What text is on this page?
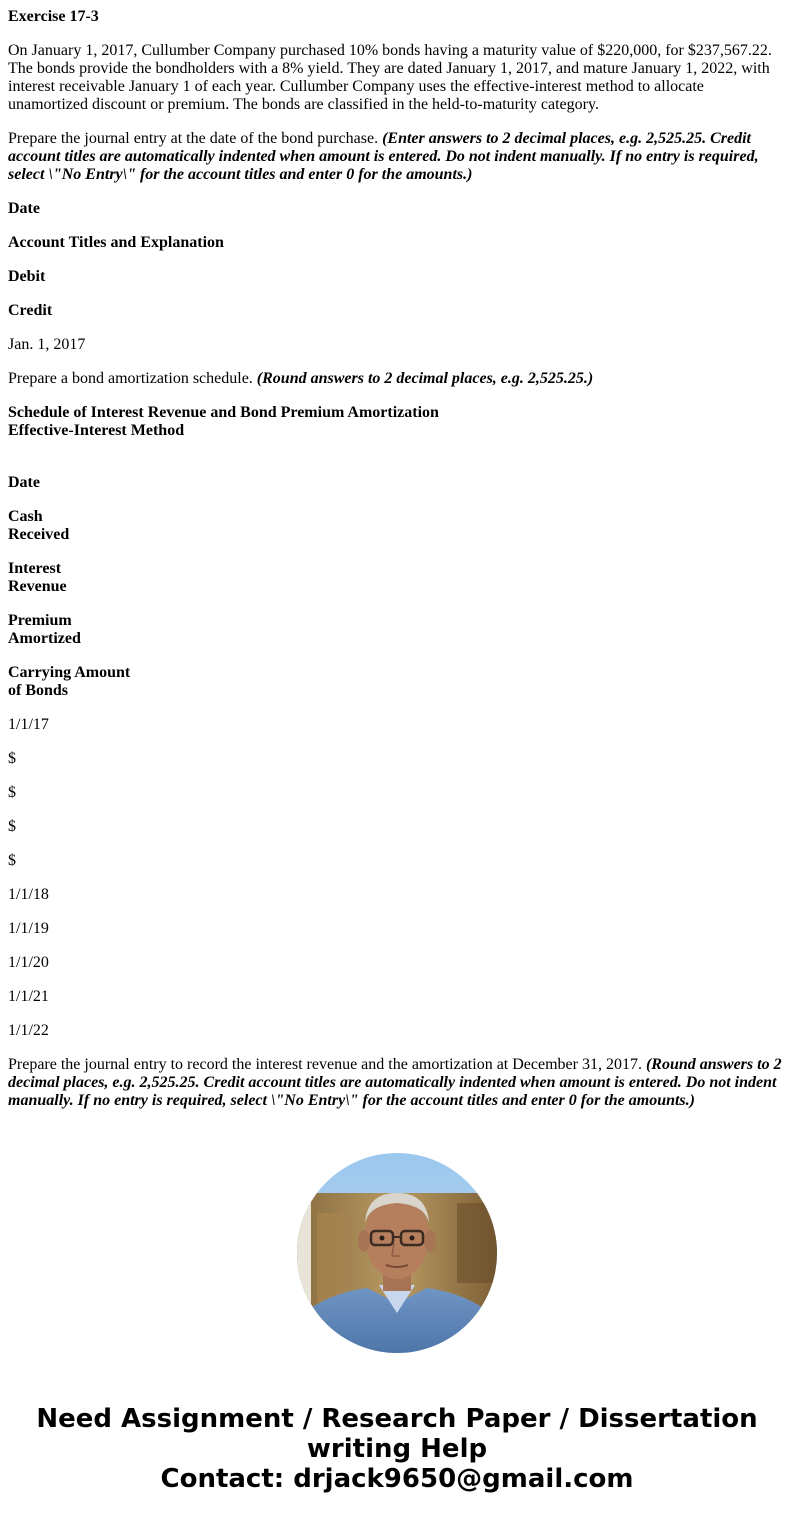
Exercise 17-3

On January 1, 2017, Cullumber Company purchased 10% bonds having a maturity value of $220,000, for $237,567.22. The bonds provide the bondholders with a 8% yield. They are dated January 1, 2017, and mature January 1, 2022, with interest receivable January 1 of each year. Cullumber Company uses the effective-interest method to allocate unamortized discount or premium. The bonds are classified in the held-to-maturity category.

Prepare the journal entry at the date of the bond purchase. (Enter answers to 2 decimal places, e.g. 2,525.25. Credit account titles are automatically indented when amount is entered. Do not indent manually. If no entry is required, select \"No Entry\" for the account titles and enter 0 for the amounts.)

Date

Account Titles and Explanation

Debit

Credit

Jan. 1, 2017

Prepare a bond amortization schedule. (Round answers to 2 decimal places, e.g. 2,525.25.)

Schedule of Interest Revenue and Bond Premium Amortization
Effective-Interest Method

Date

Cash
Received

Interest
Revenue

Premium
Amortized

Carrying Amount
of Bonds

1/1/17

$

$

$

$

1/1/18

1/1/19

1/1/20

1/1/21

1/1/22

Prepare the journal entry to record the interest revenue and the amortization at December 31, 2017. (Round answers to 2 decimal places, e.g. 2,525.25. Credit account titles are automatically indented when amount is entered. Do not indent manually. If no entry is required, select \"No Entry\" for the account titles and enter 0 for the amounts.)

Need Assignment / Research Paper / Dissertation
writing Help
Contact: drjack9650@gmail.com
